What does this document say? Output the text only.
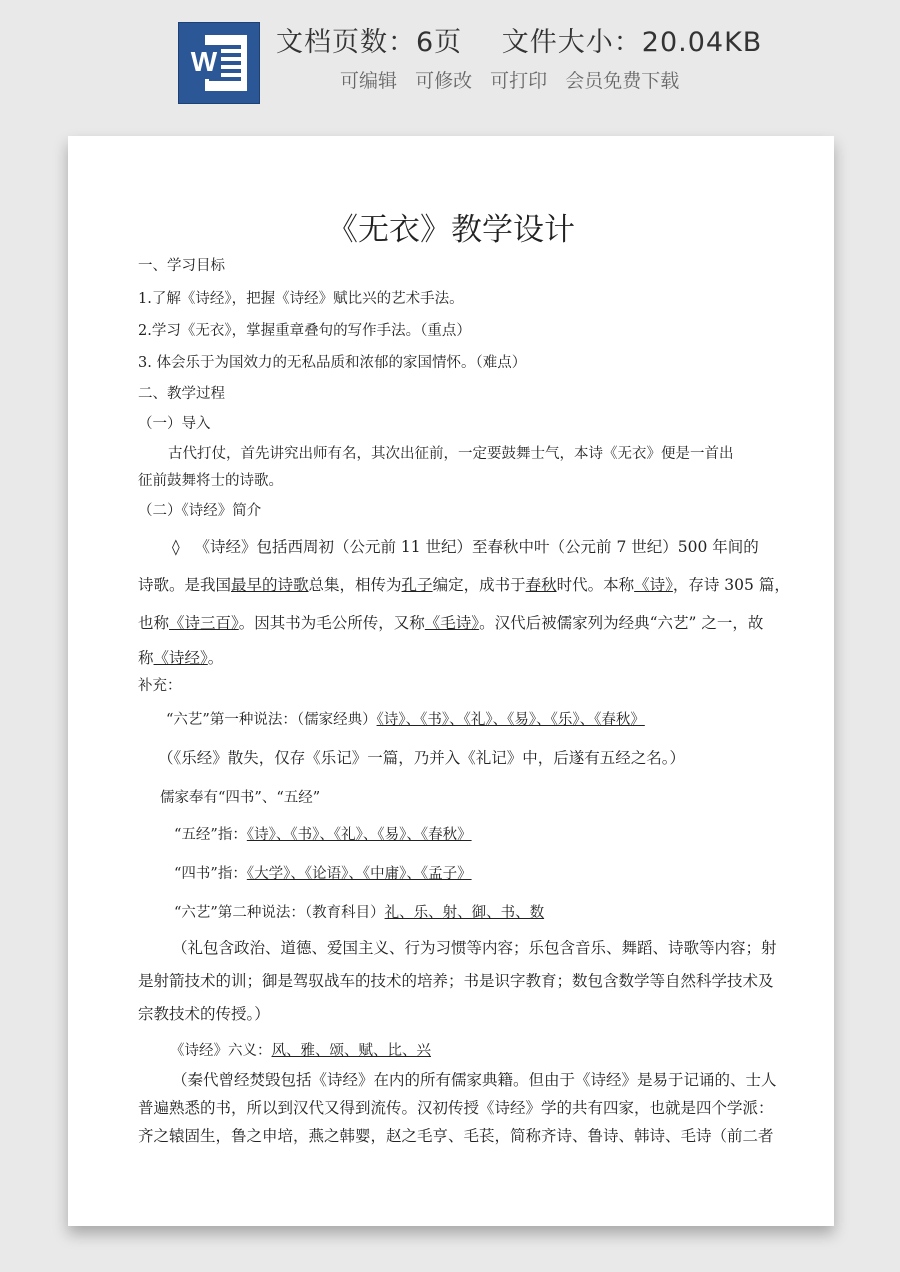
W
文档页数：6页 文件大小：20.04KB
可编辑 可修改 可打印 会员免费下载
《无衣》教学设计
一、学习目标
1.了解《诗经》，把握《诗经》赋比兴的艺术手法。
2.学习《无衣》，掌握重章叠句的写作手法。（重点）
3. 体会乐于为国效力的无私品质和浓郁的家国情怀。（难点）
二、教学过程
（一）导入
古代打仗，首先讲究出师有名，其次出征前，一定要鼓舞士气，本诗《无衣》便是一首出
征前鼓舞将士的诗歌。
（二）《诗经》简介
◊ 《诗经》包括西周初（公元前 11 世纪）至春秋中叶（公元前 7 世纪）500 年间的
诗歌。是我国最早的诗歌总集，相传为孔子编定，成书于春秋时代。本称《诗》，存诗 305 篇，
也称《诗三百》。因其书为毛公所传，又称《毛诗》。汉代后被儒家列为经典“六艺” 之一，故
称《诗经》。
补充：
“六艺”第一种说法：（儒家经典）《诗》、《书》、《礼》、《易》、《乐》、《春秋》
（《乐经》散失，仅存《乐记》一篇，乃并入《礼记》中，后遂有五经之名。）
儒家奉有“四书”、“五经”
“五经”指：《诗》、《书》、《礼》、《易》、《春秋》
“四书”指：《大学》、《论语》、《中庸》、《孟子》
“六艺”第二种说法：（教育科目）礼、乐、射、御、书、数
（礼包含政治、道德、爱国主义、行为习惯等内容；乐包含音乐、舞蹈、诗歌等内容；射
是射箭技术的训；御是驾驭战车的技术的培养；书是识字教育；数包含数学等自然科学技术及
宗教技术的传授。）
《诗经》六义：风、雅、颂、赋、比、兴
（秦代曾经焚毁包括《诗经》在内的所有儒家典籍。但由于《诗经》是易于记诵的、士人
普遍熟悉的书，所以到汉代又得到流传。汉初传授《诗经》学的共有四家，也就是四个学派：
齐之辕固生，鲁之申培，燕之韩婴，赵之毛亨、毛苌，简称齐诗、鲁诗、韩诗、毛诗（前二者
